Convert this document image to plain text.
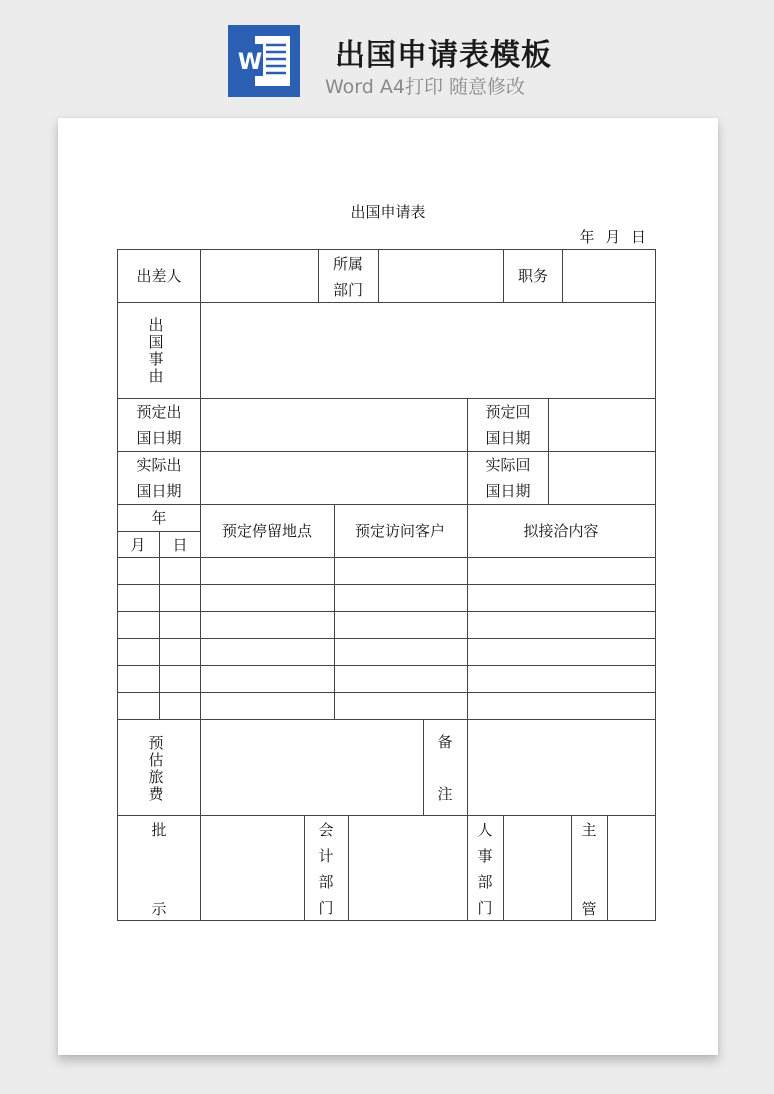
W 出国申请表模板
Word A4打印 随意修改
出国申请表
年 月 日
出差人
所属
部门
职务
出
国
事
由
预定出
国日期
预定回
国日期
实际出
国日期
实际回
国日期
年
月 日
预定停留地点	预定访问客户	拟接洽内容
预
估
旅
费
备
注
批
示
会
计
部
门
人
事
部
门
主
管
